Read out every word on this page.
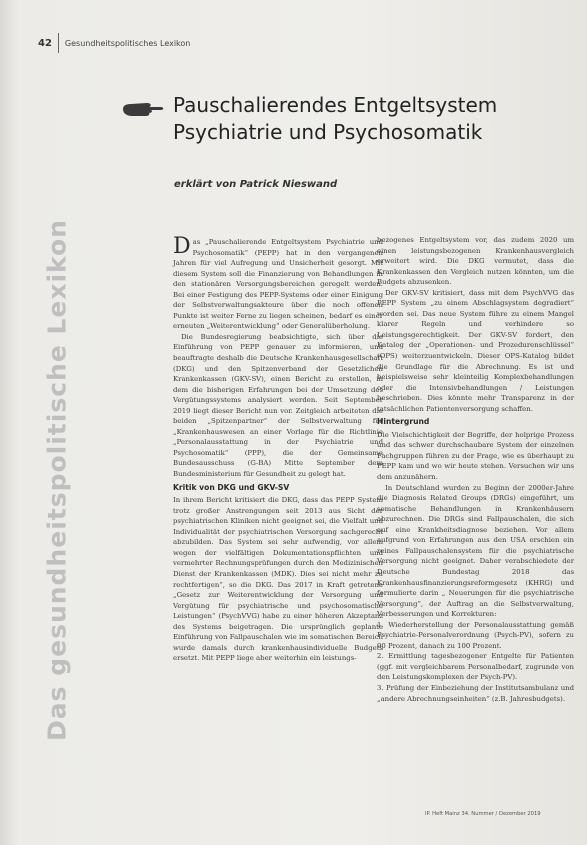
42 Gesundheitspolitisches Lexikon
Das gesundheitspolitische Lexikon
Pauschalierendes Entgeltsystem Psychiatrie und Psychosomatik
erklärt von Patrick Nieswand
D as „Pauschalierende Entgeltsystem Psychiatrie und Psychosomatik“ (PEPP) hat in den vergangenen Jahren für viel Aufregung und Unsicherheit gesorgt. Mit diesem System soll die Finanzierung von Behandlungen in den stationären Versorgungsbereichen geregelt werden. Bei einer Festigung des PEPP-Systems oder einer Einigung der Selbstverwaltungsakteure über die noch offenen Punkte ist weiter Ferne zu liegen scheinen, bedarf es einer erneuten „Weiterentwicklung“ oder Generalüberholung.

Die Bundesregierung beabsichtigte, sich über die Einführung von PEPP genauer zu informieren, und beauftragte deshalb die Deutsche Krankenhausgesellschaft (DKG) und den Spitzenverband der Gesetzlichen Krankenkassen (GKV-SV), einen Bericht zu erstellen, in dem die bisherigen Erfahrungen bei der Umsetzung des Vergütungssystems analysiert werden. Seit September 2019 liegt dieser Bericht nun vor. Zeitgleich arbeiteten die beiden „Spitzenpartner“ der Selbstverwaltung für „Krankenhauswesen an einer Vorlage für die Richtlinie „Personalausstattung in der Psychiatrie und Psychosomatik“ (PPP), die der Gemeinsame Bundesausschuss (G-BA) Mitte September dem Bundesministerium für Gesundheit zu gelegt hat.

Kritik von DKG und GKV-SV

In ihrem Bericht kritisiert die DKG, dass das PEPP System trotz großer Anstrengungen seit 2013 aus Sicht der psychiatrischen Kliniken nicht geeignet sei, die Vielfalt und Individualität der psychiatrischen Versorgung sachgerecht abzubilden. Das System sei sehr aufwendig, vor allem wegen der vielfältigen Dokumentationspflichten und vermehrter Rechnungsprüfungen durch den Medizinischen Dienst der Krankenkassen (MDK). Dies sei nicht mehr zu rechtfertigen“, so die DKG. Das 2017 in Kraft getretene „Gesetz zur Weiterentwicklung der Versorgung und Vergütung für psychiatrische und psychosomatische Leistungen“ (PsychVVG) habe zu einer höheren Akzeptanz des Systems beigetragen. Die ursprünglich geplante Einführung von Fallpauschalen wie im somatischen Bereich wurde damals durch krankenhausindividuelle Budgets ersetzt. Mit PEPP liege aber weiterhin ein leistungs-

bezogenes Entgeltsystem vor, das zudem 2020 um einen leistungsbezogenen Krankenhausvergleich erweitert wird. Die DKG vermutet, dass die Krankenkassen den Vergleich nutzen könnten, um die Budgets abzusenken.

Der GKV-SV kritisiert, dass mit dem PsychVVG das PEPP System „zu einem Abschlagsystem degradiert“ worden sei. Das neue System führe zu einem Mangel klarer Regeln und verhindere so Leistungsgerechtigkeit. Der GKV-SV fordert, den Katalog der „Operationen- und Prozedurenschlüssel“ (OPS) weiterzuentwickeln. Dieser OPS-Katalog bildet die Grundlage für die Abrechnung. Es ist und beispielsweise sehr kleinteilig Komplexbehandlungen oder die Intensivbehandlungen / Leistungen beschrieben. Dies könnte mehr Transparenz in der tatsächlichen Patientenversorgung schaffen.

Hintergrund

Die Vielschichtigkeit der Begriffe, der holprige Prozess und das schwer durchschaubare System der einzelnen Fachgruppen führen zu der Frage, wie es überhaupt zu PEPP kam und wo wir heute stehen. Versuchen wir uns dem anzunähern.

In Deutschland wurden zu Beginn der 2000er-Jahre die Diagnosis Related Groups (DRGs) eingeführt, um somatische Behandlungen in Krankenhäusern abzurechnen. Die DRGs sind Fallpauschalen, die sich auf eine Krankheitsdiagnose beziehen. Vor allem aufgrund von Erfahrungen aus den USA erschien ein reines Fallpauschalensystem für die psychiatrische Versorgung nicht geeignet. Daher verabschiedete der Deutsche Bundestag 2018 das Krankenhausfinanzierungsreformgesetz (KHRG) und formulierte darin „ Neuerungen für die psychiatrische Versorgung“, der Auftrag an die Selbstverwaltung, Verbesserungen und Korrekturen:

1. Wiederherstellung der Personalausstattung gemäß Psychiatrie-Personalverordnung (Psych-PV), sofern zu 90 Prozent, danach zu 100 Prozent.
2. Ermittlung tagesbezogener Entgelte für Patienten (ggf. mit vergleichbarem Personalbedarf, zugrunde von den Leistungskomplexen der Psych-PV).
3. Prüfung der Einbeziehung der Institutsambulanz und „andere Abrechnungseinheiten“ (z.B. Jahresbudgets).
IP. Heft Mainz 34. Nummer / Dezember 2019
